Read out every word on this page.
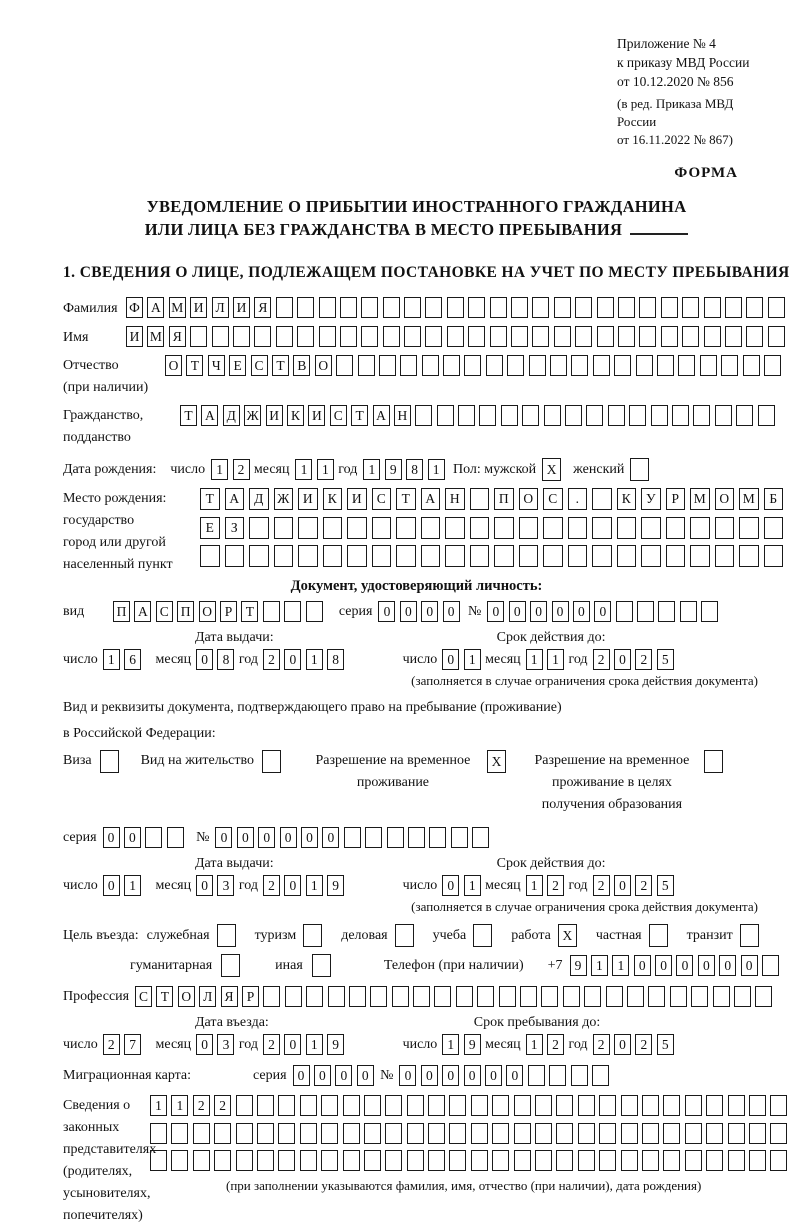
Приложение № 4
к приказу МВД России
от 10.12.2020 № 856
(в ред. Приказа МВД России
от 16.11.2022 № 867)
ФОРМА
УВЕДОМЛЕНИЕ О ПРИБЫТИИ ИНОСТРАННОГО ГРАЖДАНИНА
ИЛИ ЛИЦА БЕЗ ГРАЖДАНСТВА В МЕСТО ПРЕБЫВАНИЯ
1. СВЕДЕНИЯ О ЛИЦЕ, ПОДЛЕЖАЩЕМ ПОСТАНОВКЕ НА УЧЕТ ПО МЕСТУ ПРЕБЫВАНИЯ
Фамилия Ф А М И Л И Я
Имя	И М Я
Отчество
(при наличии)
О Т Ч Е С Т В О
Гражданство,
подданство
Т А Д Ж И К И С Т А Н
Дата рождения: число 1	2 месяц 1	1 год 1	9	8	1 Пол: мужской X	женский
Место рождения:
государство
город или другой
населенный пункт
Т	А	Д	Ж	И	К	И	С	Т	А	Н	П	О	С	.	К	У	Р	М	О	М	Б
Е	З
Документ, удостоверяющий личность:
вид	П А С П О Р	Т	серия 0	0	0	0 № 0	0	0	0	0	0
Дата выдачи:	Срок действия до:
число 1	6	месяц 0	8 год 2	0	1	8	число 0	1 месяц 1	1 год 2	0	2	5
(заполняется в случае ограничения срока действия документа)
Вид и реквизиты документа, подтверждающего право на пребывание (проживание)
в Российской Федерации:
Виза	Вид на жительство	Разрешение на временное проживание
X	Разрешение на временное проживание в целях получения образования
серия 0	0	№ 0	0	0	0	0	0
Дата выдачи:	Срок действия до:
число 0	1	месяц 0	3 год 2	0	1	9	число 0	1 месяц 1	2 год 2	0	2	5
(заполняется в случае ограничения срока действия документа)
Цель въезда: служебная	туризм	деловая	учеба	работа X	частная	транзит
гуманитарная	иная	Телефон (при наличии) +7 9	1	1	0	0	0	0	0	0
Профессия С Т О Л Я Р
Дата въезда:	Срок пребывания до:
число 2	7	месяц 0	3 год 2	0	1	9	число 1	9 месяц 1	2 год 2	0	2	5
Миграционная карта:	серия 0	0	0	0 № 0	0	0	0	0	0
Сведения о
законных
представителях
(родителях,
усыновителях,
попечителях)
1	1	2	2
(при заполнении указываются фамилия, имя, отчество (при наличии), дата рождения)
